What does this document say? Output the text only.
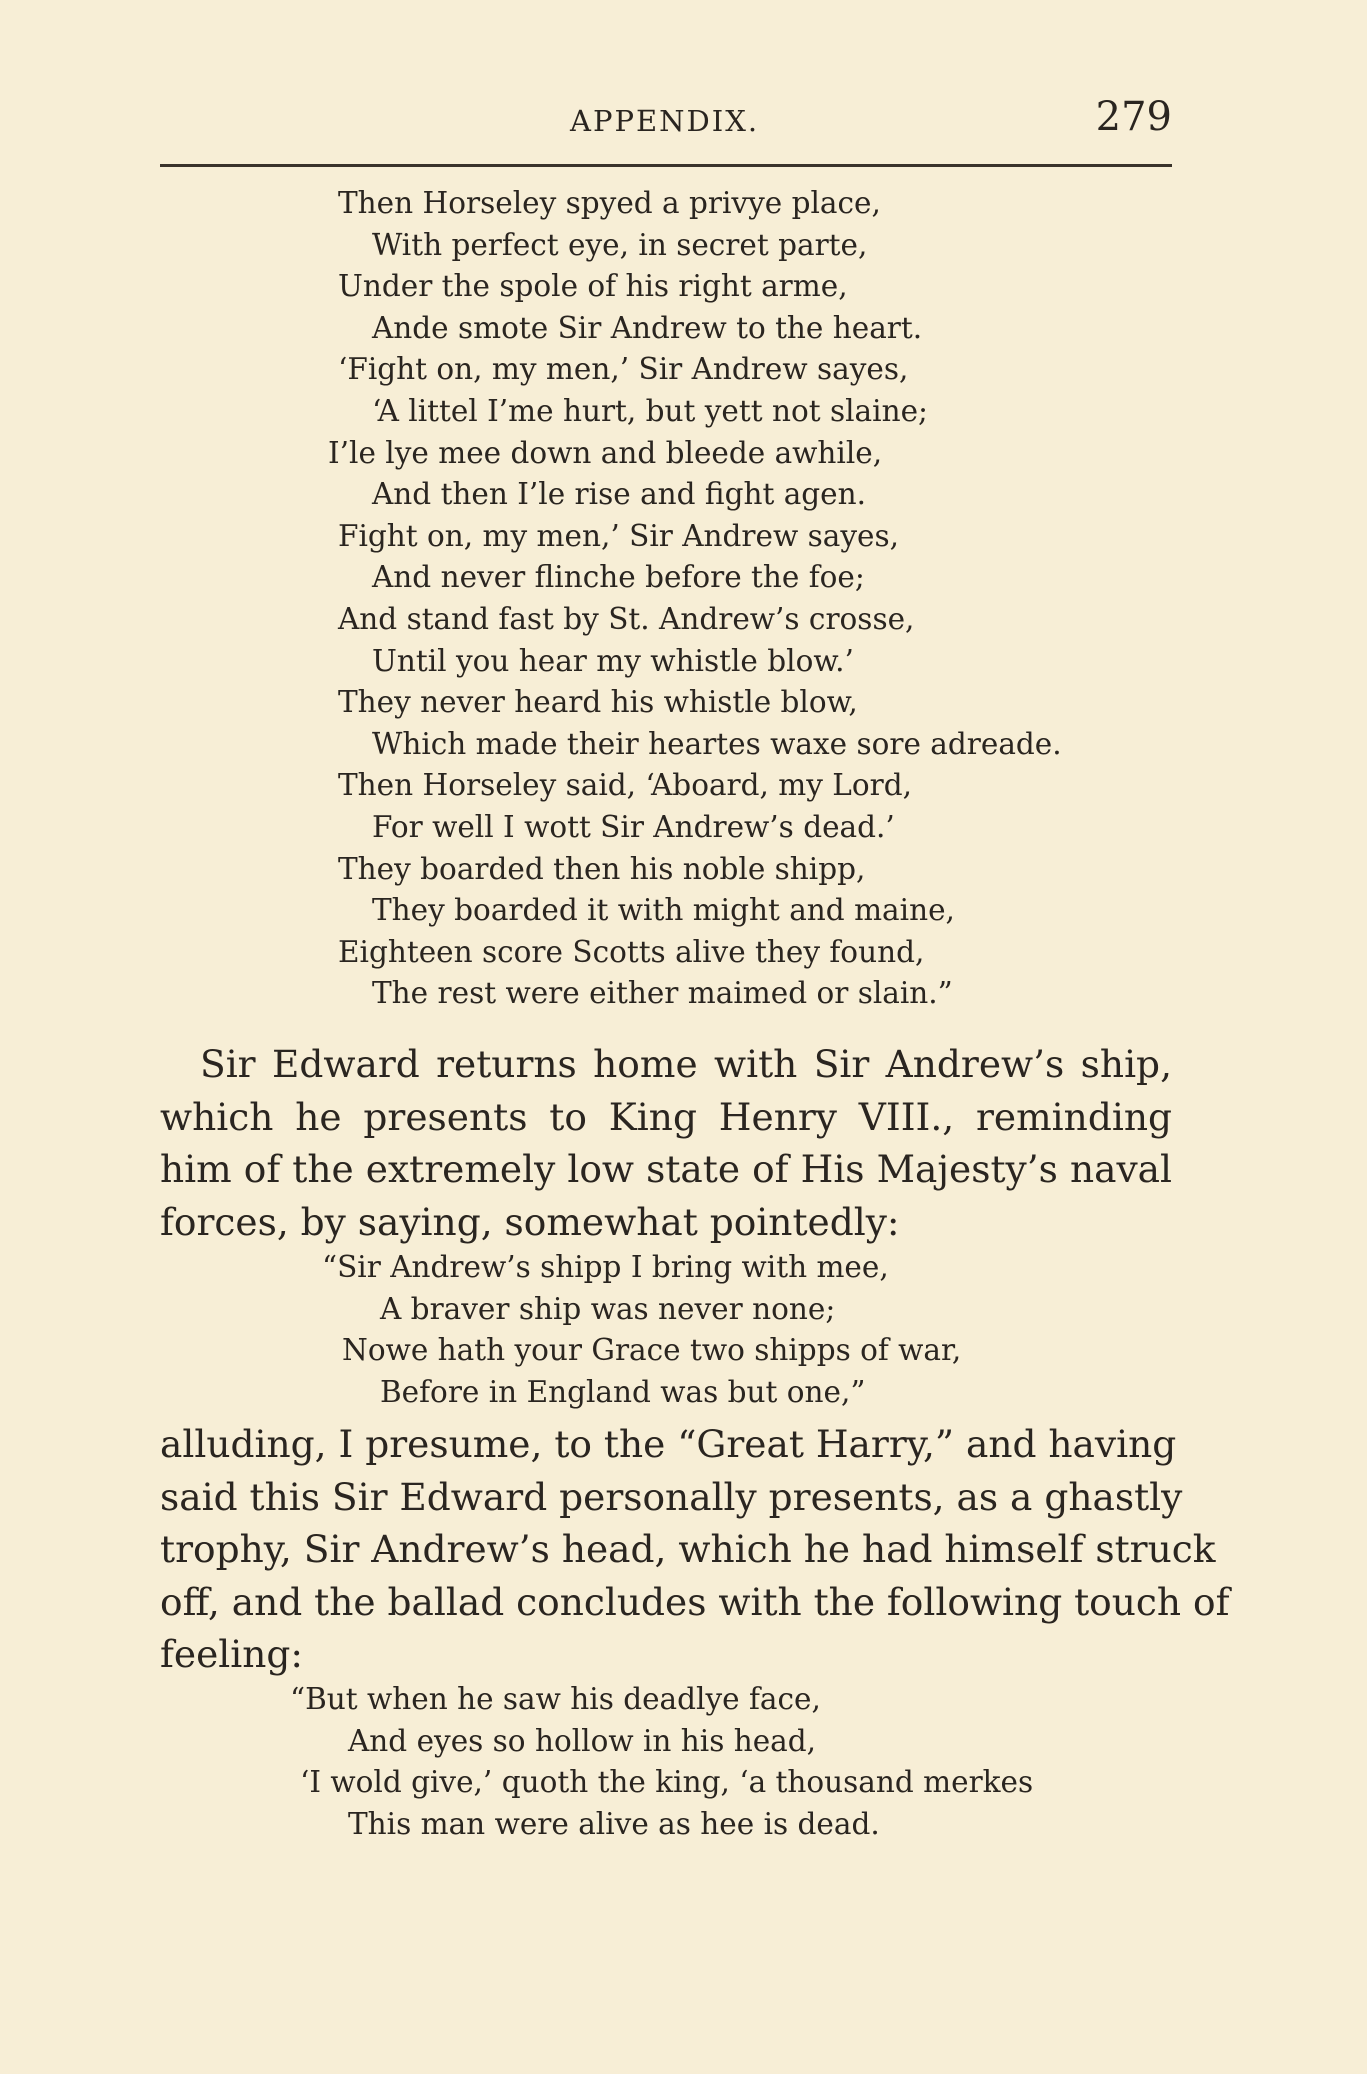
APPENDIX.	279
Then Horseley spyed a privye place,
With perfect eye, in secret parte,
Under the spole of his right arme,
Ande smote Sir Andrew to the heart.
‘Fight on, my men,’ Sir Andrew sayes,
‘A littel I’me hurt, but yett not slaine;
I’le lye mee down and bleede awhile,
And then I’le rise and fight agen.
Fight on, my men,’ Sir Andrew sayes,
And never flinche before the foe;
And stand fast by St. Andrew’s crosse,
Until you hear my whistle blow.’
They never heard his whistle blow,
Which made their heartes waxe sore adreade.
Then Horseley said, ‘Aboard, my Lord,
For well I wott Sir Andrew’s dead.’
They boarded then his noble shipp,
They boarded it with might and maine,
Eighteen score Scotts alive they found,
The rest were either maimed or slain.”

Sir Edward returns home with Sir Andrew’s ship,
which he presents to King Henry VIII., reminding
him of the extremely low state of His Majesty’s naval
forces, by saying, somewhat pointedly:

“Sir Andrew’s shipp I bring with mee,
A braver ship was never none;
Nowe hath your Grace two shipps of war,
Before in England was but one,”

alluding, I presume, to the “Great Harry,” and having
said this Sir Edward personally presents, as a ghastly
trophy, Sir Andrew’s head, which he had himself struck
off, and the ballad concludes with the following touch of
feeling:

“But when he saw his deadlye face,
And eyes so hollow in his head,
‘I wold give,’ quoth the king, ‘a thousand merkes
This man were alive as hee is dead.
